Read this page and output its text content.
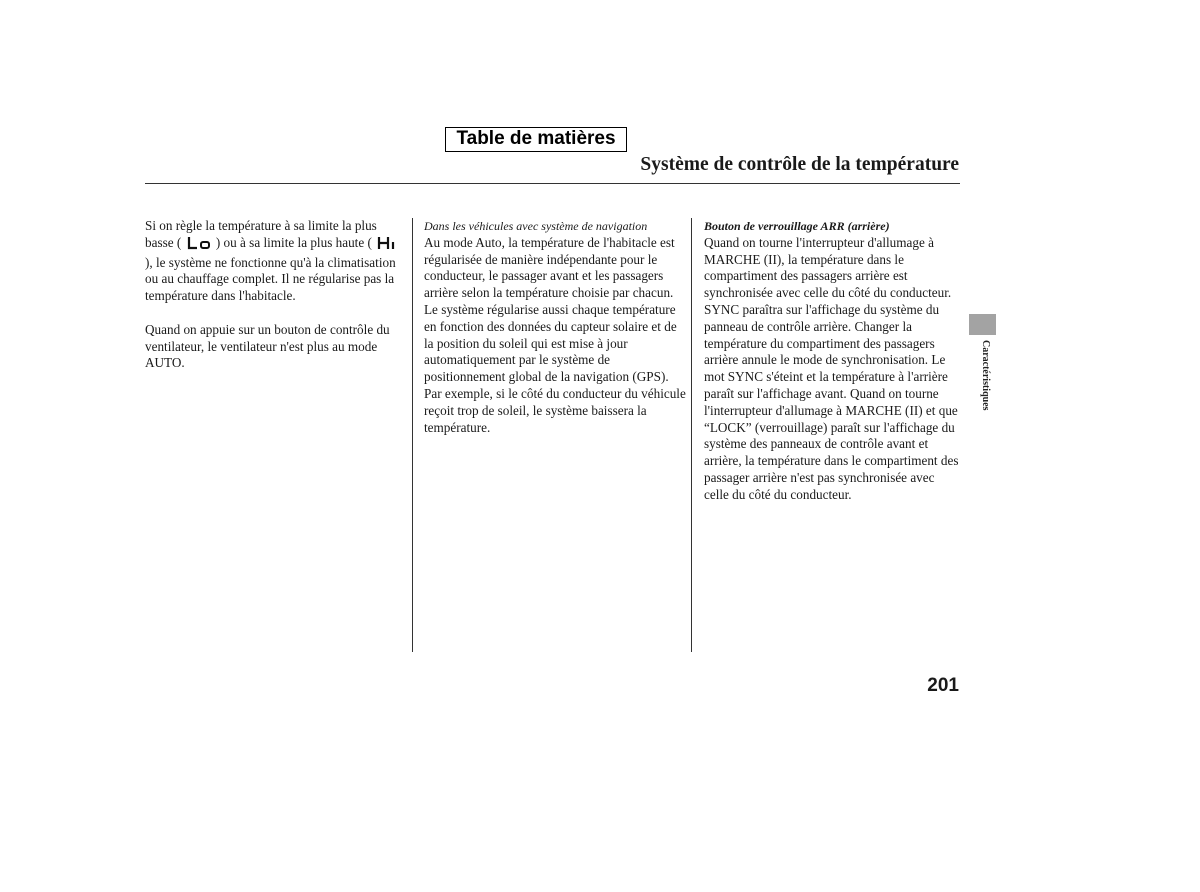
Table de matières
Système de contrôle de la température

Si on règle la température à sa limite la plus basse (	) ou à sa limite la plus haute (  ), le système ne fonctionne qu'à la climatisation ou au chauffage complet. Il ne régularise pas la température dans l'habitacle.

Quand on appuie sur un bouton de contrôle du ventilateur, le ventilateur n'est plus au mode AUTO.

Dans les véhicules avec système de navigation

Au mode Auto, la température de l'habitacle est régularisée de manière indépendante pour le conducteur, le passager avant et les passagers arrière selon la température choisie par chacun. Le système régularise aussi chaque température en fonction des données du capteur solaire et de la position du soleil qui est mise à jour automatiquement par le système de positionnement global de la navigation (GPS). Par exemple, si le côté du conducteur du véhicule reçoit trop de soleil, le système baissera la température.

Bouton de verrouillage ARR (arrière)

Quand on tourne l'interrupteur d'allumage à MARCHE (II), la température dans le compartiment des passagers arrière est synchronisée avec celle du côté du conducteur. SYNC paraîtra sur l'affichage du système du panneau de contrôle arrière. Changer la température du compartiment des passagers arrière annule le mode de synchronisation. Le mot SYNC s'éteint et la température à l'arrière paraît sur l'affichage avant. Quand on tourne l'interrupteur d'allumage à MARCHE (II) et que “LOCK” (verrouillage) paraît sur l'affichage du système des panneaux de contrôle avant et arrière, la température dans le compartiment des passager arrière n'est pas synchronisée avec celle du côté du conducteur.

Caractéristiques
201
